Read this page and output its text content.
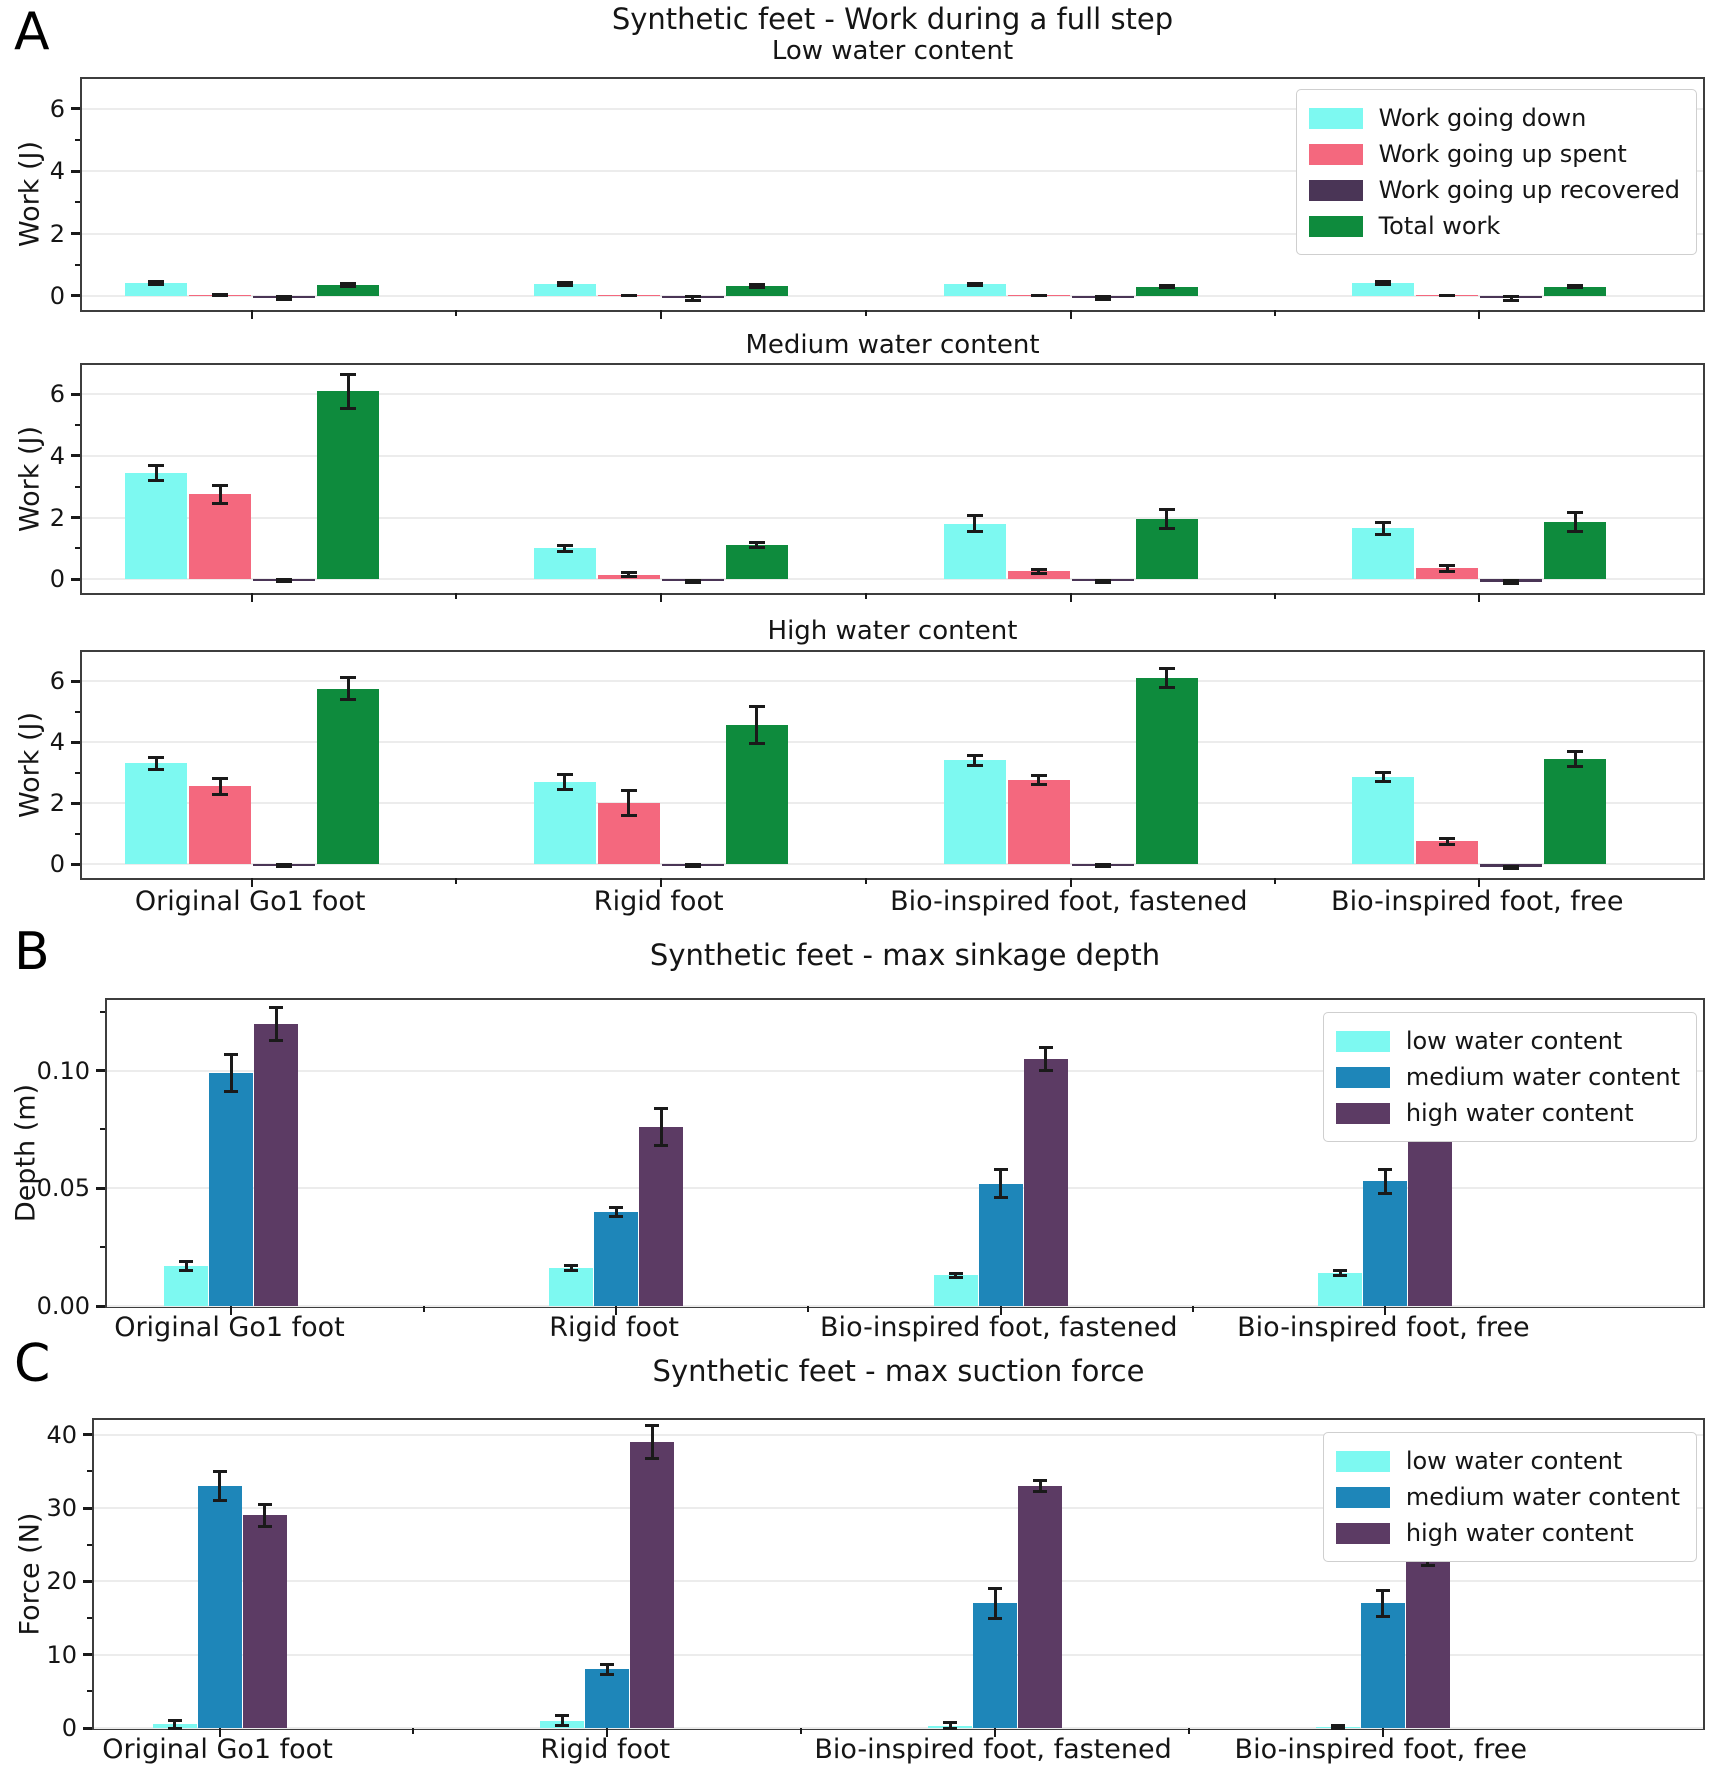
A	Synthetic feet - Work during a full step
Low water content
Work (J)
0
2
4
6	Work going down
Work going up spent
Work going up recovered
Total work
Medium water content
Work (J)
0
2
4
6
High water content
Work (J)
0
2
4
6
Original Go1 foot	Rigid foot	Bio-inspired foot, fastened	Bio-inspired foot, free
B	Synthetic feet - max sinkage depth
Depth (m)
0.00
0.05
0.10
low water content
medium water content
high water content
Original Go1 foot	Rigid foot	Bio-inspired foot, fastened Bio-inspired foot, free
C	Synthetic feet - max suction force
Force (N)
0
10
20
30
40
low water content
medium water content
high water content
Original Go1 foot	Rigid foot	Bio-inspired foot, fastened Bio-inspired foot, free
